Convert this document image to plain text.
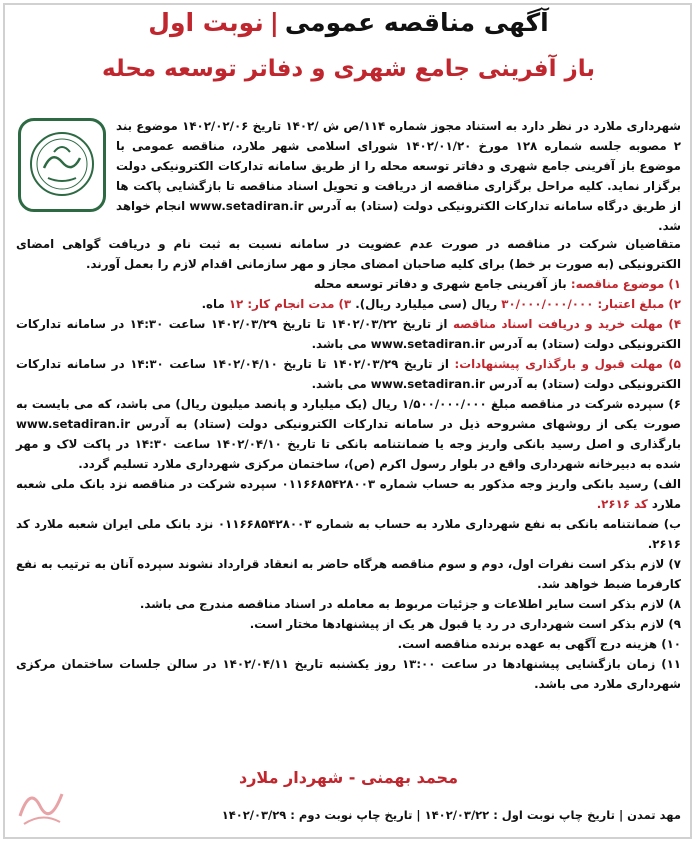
آگهی مناقصه عمومی|نوبت اول
باز آفرینی جامع شهری و دفاتر توسعه محله
شهرداری ملارد در نظر دارد به استناد مجوز شماره ۱۱۴/ص ش /۱۴۰۲ تاریخ ۱۴۰۲/۰۲/۰۶ موضوع بند ۲ مصوبه جلسه شماره ۱۲۸ مورخ ۱۴۰۲/۰۱/۲۰ شورای اسلامی شهر ملارد، مناقصه عمومی با موضوع باز آفرینی جامع شهری و دفاتر توسعه محله را از طریق سامانه تدارکات الکترونیکی دولت برگزار نماید. کلیه مراحل برگزاری مناقصه از دریافت و تحویل اسناد مناقصه تا بازگشایی پاکت ها از طریق درگاه سامانه تدارکات الکترونیکی دولت (ستاد) به آدرس www.setadiran.ir انجام خواهد شد.

متقاضیان شرکت در مناقصه در صورت عدم عضویت در سامانه نسبت به ثبت نام و دریافت گواهی امضای الکترونیکی (به صورت بر خط) برای کلیه صاحبان امضای مجاز و مهر سازمانی اقدام لازم را بعمل آورند.

۱) موضوع مناقصه: باز آفرینی جامع شهری و دفاتر توسعه محله

۲) مبلغ اعتبار: ۳۰/۰۰۰/۰۰۰/۰۰۰ ریال (سی میلیارد ریال). ۳) مدت انجام کار: ۱۲ ماه.

۴) مهلت خرید و دریافت اسناد مناقصه از تاریخ ۱۴۰۲/۰۳/۲۲ تا تاریخ ۱۴۰۲/۰۳/۲۹ ساعت ۱۴:۳۰ در سامانه تدارکات الکترونیکی دولت (ستاد) به آدرس www.setadiran.ir می باشد.

۵) مهلت قبول و بارگذاری پیشنهادات: از تاریخ ۱۴۰۲/۰۳/۲۹ تا تاریخ ۱۴۰۲/۰۴/۱۰ ساعت ۱۴:۳۰ در سامانه تدارکات الکترونیکی دولت (ستاد) به آدرس www.setadiran.ir می باشد.

۶) سپرده شرکت در مناقصه مبلغ ۱/۵۰۰/۰۰۰/۰۰۰ ریال (یک میلیارد و پانصد میلیون ریال) می باشد، که می بایست به صورت یکی از روشهای مشروحه ذیل در سامانه تدارکات الکترونیکی دولت (ستاد) به آدرس www.setadiran.ir بارگذاری و اصل رسید بانکی واریز وجه یا ضمانتنامه بانکی تا تاریخ ۱۴۰۲/۰۴/۱۰ ساعت ۱۴:۳۰ در پاکت لاک و مهر شده به دبیرخانه شهرداری واقع در بلوار رسول اکرم (ص)، ساختمان مرکزی شهرداری ملارد تسلیم گردد.

الف) رسید بانکی واریز وجه مذکور به حساب شماره ۰۱۱۶۶۸۵۴۲۸۰۰۳ سپرده شرکت در مناقصه نزد بانک ملی شعبه ملارد کد ۲۶۱۶.

ب) ضمانتنامه بانکی به نفع شهرداری ملارد به حساب به شماره ۰۱۱۶۶۸۵۴۲۸۰۰۳ نزد بانک ملی ایران شعبه ملارد کد ۲۶۱۶.

۷) لازم بذکر است نفرات اول، دوم و سوم مناقصه هرگاه حاضر به انعقاد قرارداد نشوند سپرده آنان به ترتیب به نفع کارفرما ضبط خواهد شد.

۸) لازم بذکر است سایر اطلاعات و جزئیات مربوط به معامله در اسناد مناقصه مندرج می باشد.

۹) لازم بذکر است شهرداری در رد یا قبول هر یک از پیشنهادها مختار است.

۱۰) هزینه درج آگهی به عهده برنده مناقصه است.

۱۱) زمان بازگشایی پیشنهادها در ساعت ۱۳:۰۰ روز یکشنبه تاریخ ۱۴۰۲/۰۴/۱۱ در سالن جلسات ساختمان مرکزی شهرداری ملارد می باشد.

محمد بهمنی - شهردار ملارد
مهد تمدن | تاریخ چاپ نوبت اول : ۱۴۰۲/۰۳/۲۲ | تاریخ چاپ نوبت دوم : ۱۴۰۲/۰۳/۲۹
